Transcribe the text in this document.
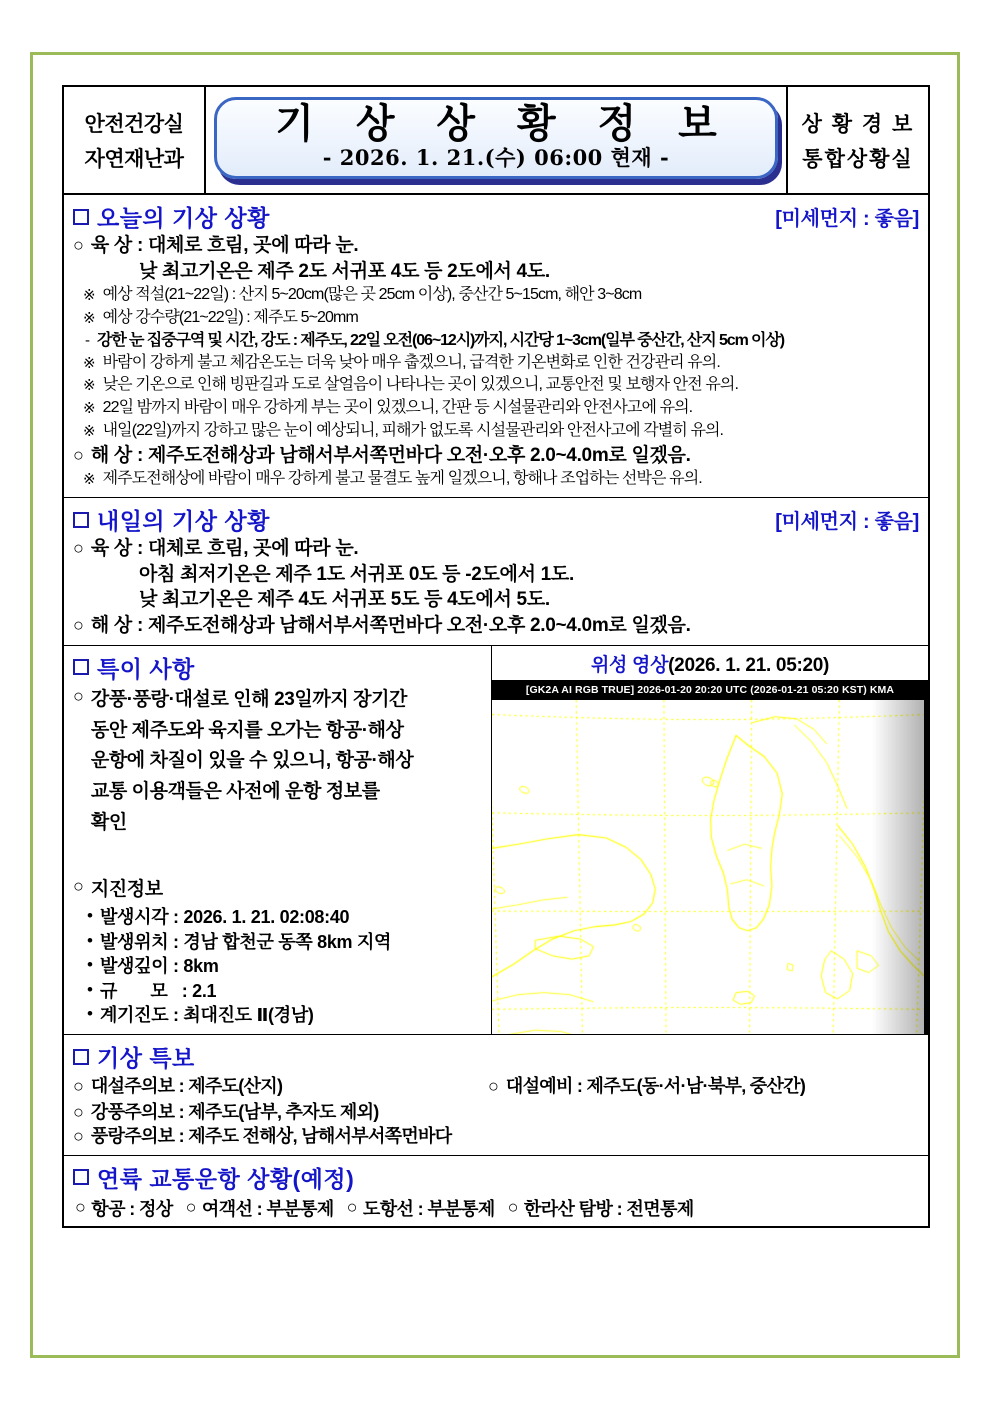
안전건강실
자연재난과
기 상 상 황 정 보
- 2026. 1. 21.(수) 06:00 현재 -
상 황 경 보
통합상황실
오늘의 기상 상황	[미세먼지 : 좋음]
○ 육 상 : 대체로 흐림, 곳에 따라 눈.
낮 최고기온은 제주 2도 서귀포 4도 등 2도에서 4도.
※ 예상 적설(21~22일) : 산지 5~20cm(많은 곳 25cm 이상), 중산간 5~15cm, 해안 3~8cm
※ 예상 강수량(21~22일) : 제주도 5~20mm
- 강한 눈 집중구역 및 시간, 강도 : 제주도, 22일 오전(06~12시)까지, 시간당 1~3cm(일부 중산간, 산지 5cm 이상)
※ 바람이 강하게 불고 체감온도는 더욱 낮아 매우 춥겠으니, 급격한 기온변화로 인한 건강관리 유의.
※ 낮은 기온으로 인해 빙판길과 도로 살얼음이 나타나는 곳이 있겠으니, 교통안전 및 보행자 안전 유의.
※ 22일 밤까지 바람이 매우 강하게 부는 곳이 있겠으니, 간판 등 시설물관리와 안전사고에 유의.
※ 내일(22일)까지 강하고 많은 눈이 예상되니, 피해가 없도록 시설물관리와 안전사고에 각별히 유의.
○ 해 상 : 제주도전해상과 남해서부서쪽먼바다 오전·오후 2.0~4.0m로 일겠음.
※ 제주도전해상에 바람이 매우 강하게 불고 물결도 높게 일겠으니, 항해나 조업하는 선박은 유의.
내일의 기상 상황	[미세먼지 : 좋음]
○ 육 상 : 대체로 흐림, 곳에 따라 눈.
아침 최저기온은 제주 1도 서귀포 0도 등 -2도에서 1도.
낮 최고기온은 제주 4도 서귀포 5도 등 4도에서 5도.
○ 해 상 : 제주도전해상과 남해서부서쪽먼바다 오전·오후 2.0~4.0m로 일겠음.
특이 사항
○ 강풍·풍랑·대설로 인해 23일까지 장기간
동안 제주도와 육지를 오가는 항공·해상
운항에 차질이 있을 수 있으니, 항공·해상
교통 이용객들은 사전에 운항 정보를
확인
○ 지진정보
• 발생시각 : 2026. 1. 21. 02:08:40
• 발생위치 : 경남 합천군 동쪽 8km 지역
• 발생깊이 : 8km
• 규 모: 2.1
• 계기진도 : 최대진도 Ⅱ(경남)
위성 영상(2026. 1. 21. 05:20)
[GK2A AI RGB TRUE] 2026-01-20 20:20 UTC (2026-01-21 05:20 KST) KMA
기상 특보
○ 대설주의보 : 제주도(산지)	○ 대설예비 : 제주도(동·서·남·북부, 중산간)
○ 강풍주의보 : 제주도(남부, 추자도 제외)
○ 풍랑주의보 : 제주도 전해상, 남해서부서쪽먼바다
연륙 교통운항 상황(예정)
○ 항공 : 정상 ○ 여객선 : 부분통제 ○ 도항선 : 부분통제 ○ 한라산 탐방 : 전면통제
